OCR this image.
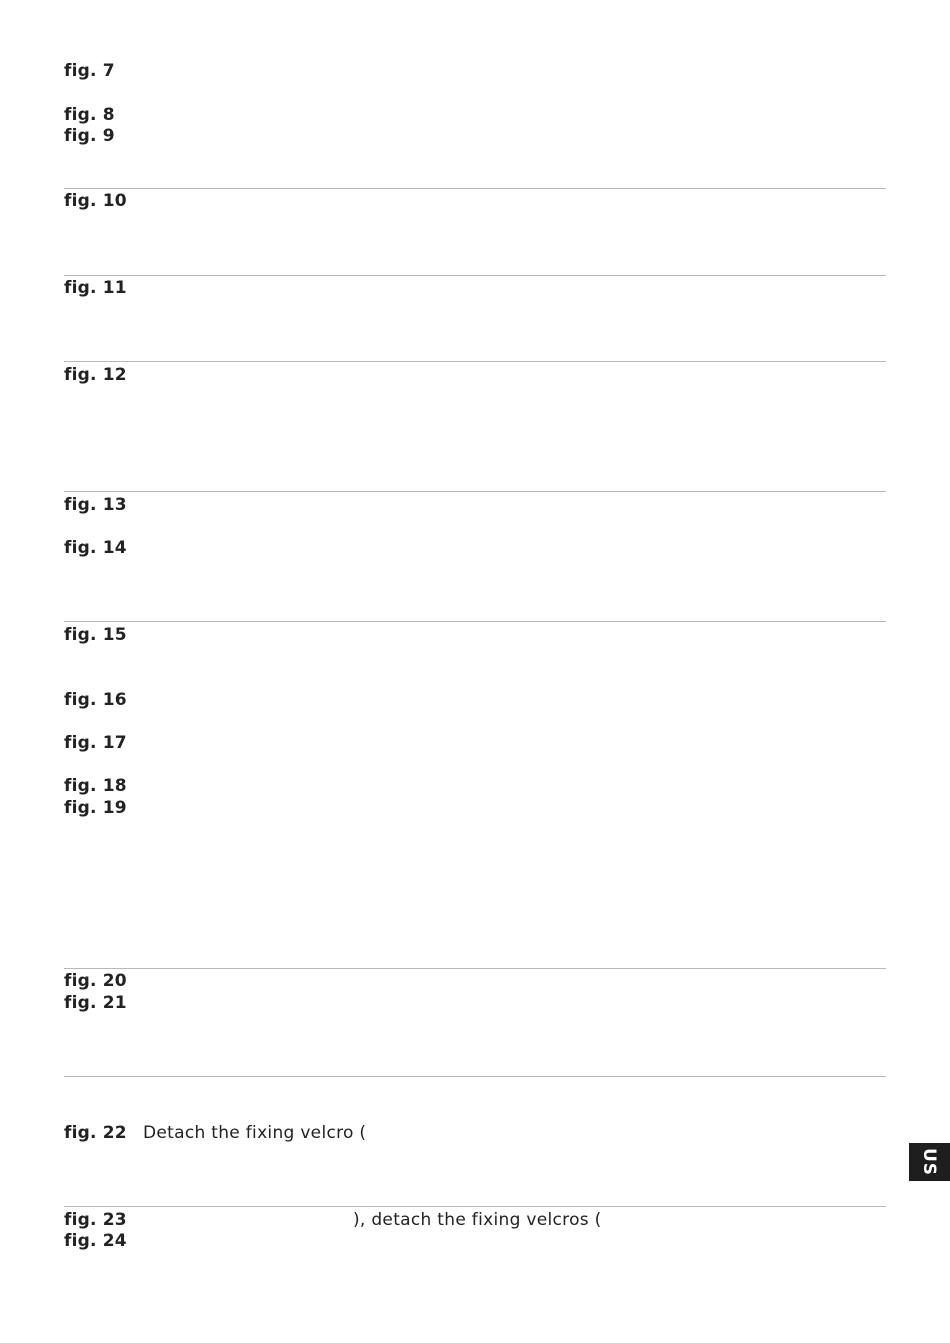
fig. 7
fig. 8
fig. 9
fig. 10
fig. 11
fig. 12
fig. 13
fig. 14
fig. 15
fig. 16
fig. 17
fig. 18
fig. 19
fig. 20
fig. 21
fig. 22 Detach the fixing velcro (
fig. 23	), detach the fixing velcros (
fig. 24
US
